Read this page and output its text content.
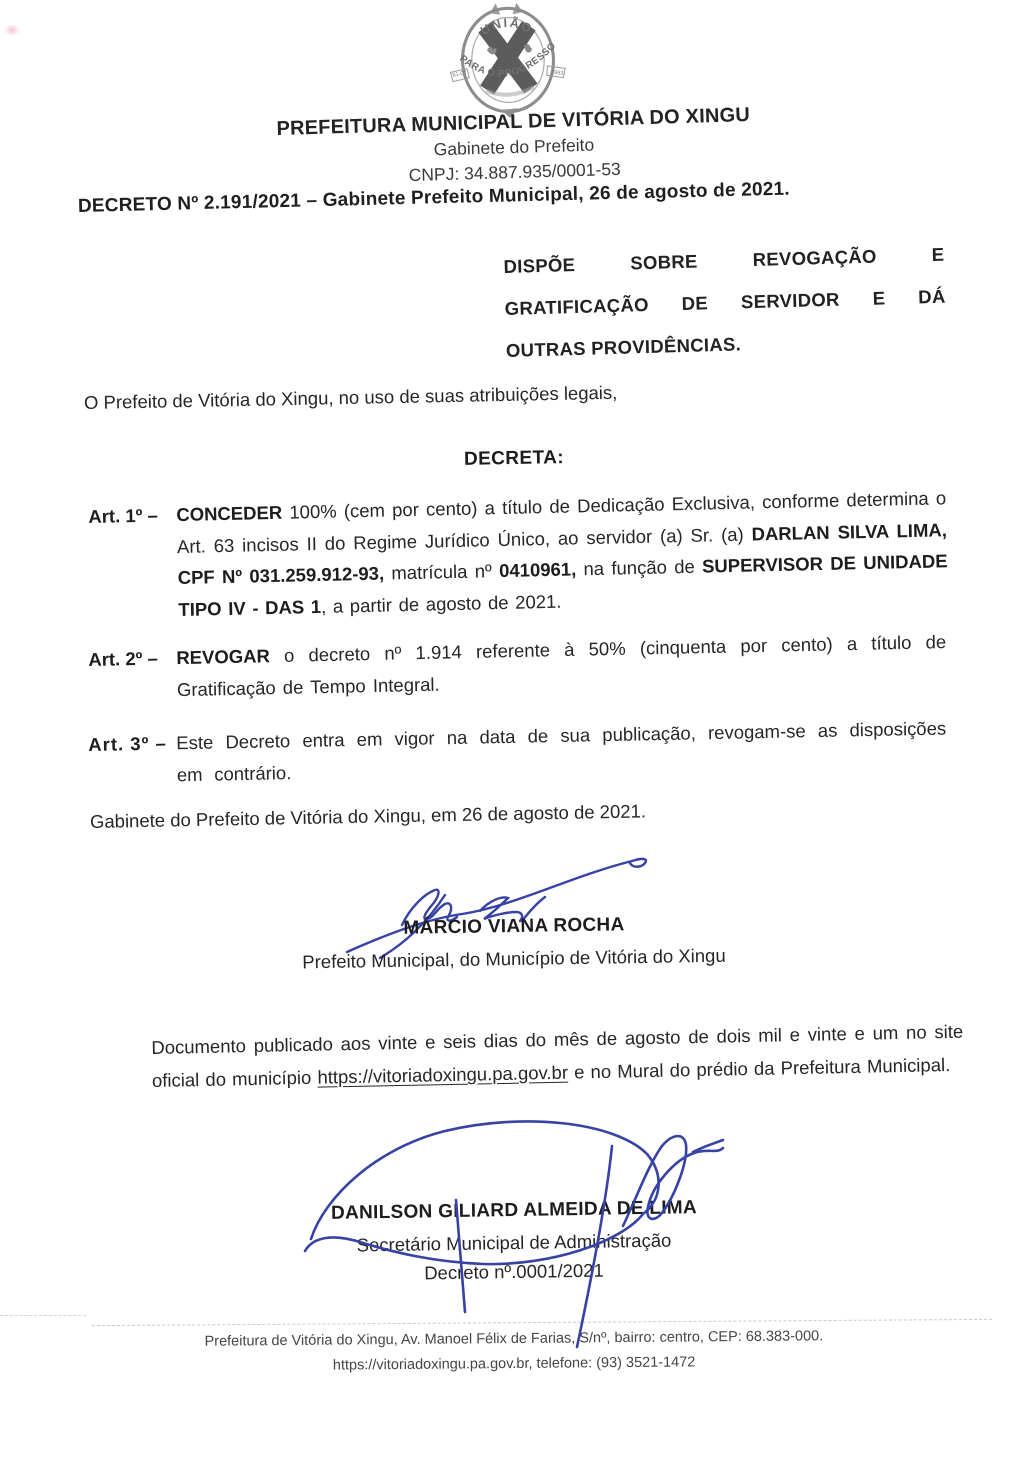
UNIÃO
PARA O PROGRESSO
61-07	1993
PREFEITURA MUNICIPAL DE VITÓRIA DO XINGU
Gabinete do Prefeito
CNPJ: 34.887.935/0001-53
DECRETO Nº 2.191/2021 – Gabinete Prefeito Municipal, 26 de agosto de 2021.
DISPÕE	SOBRE	REVOGAÇÃO	E
GRATIFICAÇÃO DE SERVIDOR E DÁ
OUTRAS PROVIDÊNCIAS.
O Prefeito de Vitória do Xingu, no uso de suas atribuições legais,
DECRETA:
Art. 1º – CONCEDER 100% (cem por cento) a título de Dedicação Exclusiva, conforme determina o Art. 63 incisos II do Regime Jurídico Único, ao servidor (a) Sr. (a) DARLAN SILVA LIMA, CPF Nº 031.259.912-93, matrícula nº 0410961, na função de SUPERVISOR DE UNIDADE TIPO IV - DAS 1, a partir de agosto de 2021.
Art. 2º – REVOGAR o decreto nº 1.914 referente à 50% (cinquenta por cento) a título de Gratificação de Tempo Integral.
Art. 3º – Este Decreto entra em vigor na data de sua publicação, revogam-se as disposições em contrário.
Gabinete do Prefeito de Vitória do Xingu, em 26 de agosto de 2021.
MÁRCIO VIANA ROCHA
Prefeito Municipal, do Município de Vitória do Xingu
Documento publicado aos vinte e seis dias do mês de agosto de dois mil e vinte e um no site oficial do município https://vitoriadoxingu.pa.gov.br e no Mural do prédio da Prefeitura Municipal.
DANILSON GILIARD ALMEIDA DE LIMA
Secretário Municipal de Administração
Decreto nº.0001/2021
Prefeitura de Vitória do Xingu, Av. Manoel Félix de Farias, S/nº, bairro: centro, CEP: 68.383-000.
https://vitoriadoxingu.pa.gov.br, telefone: (93) 3521-1472
